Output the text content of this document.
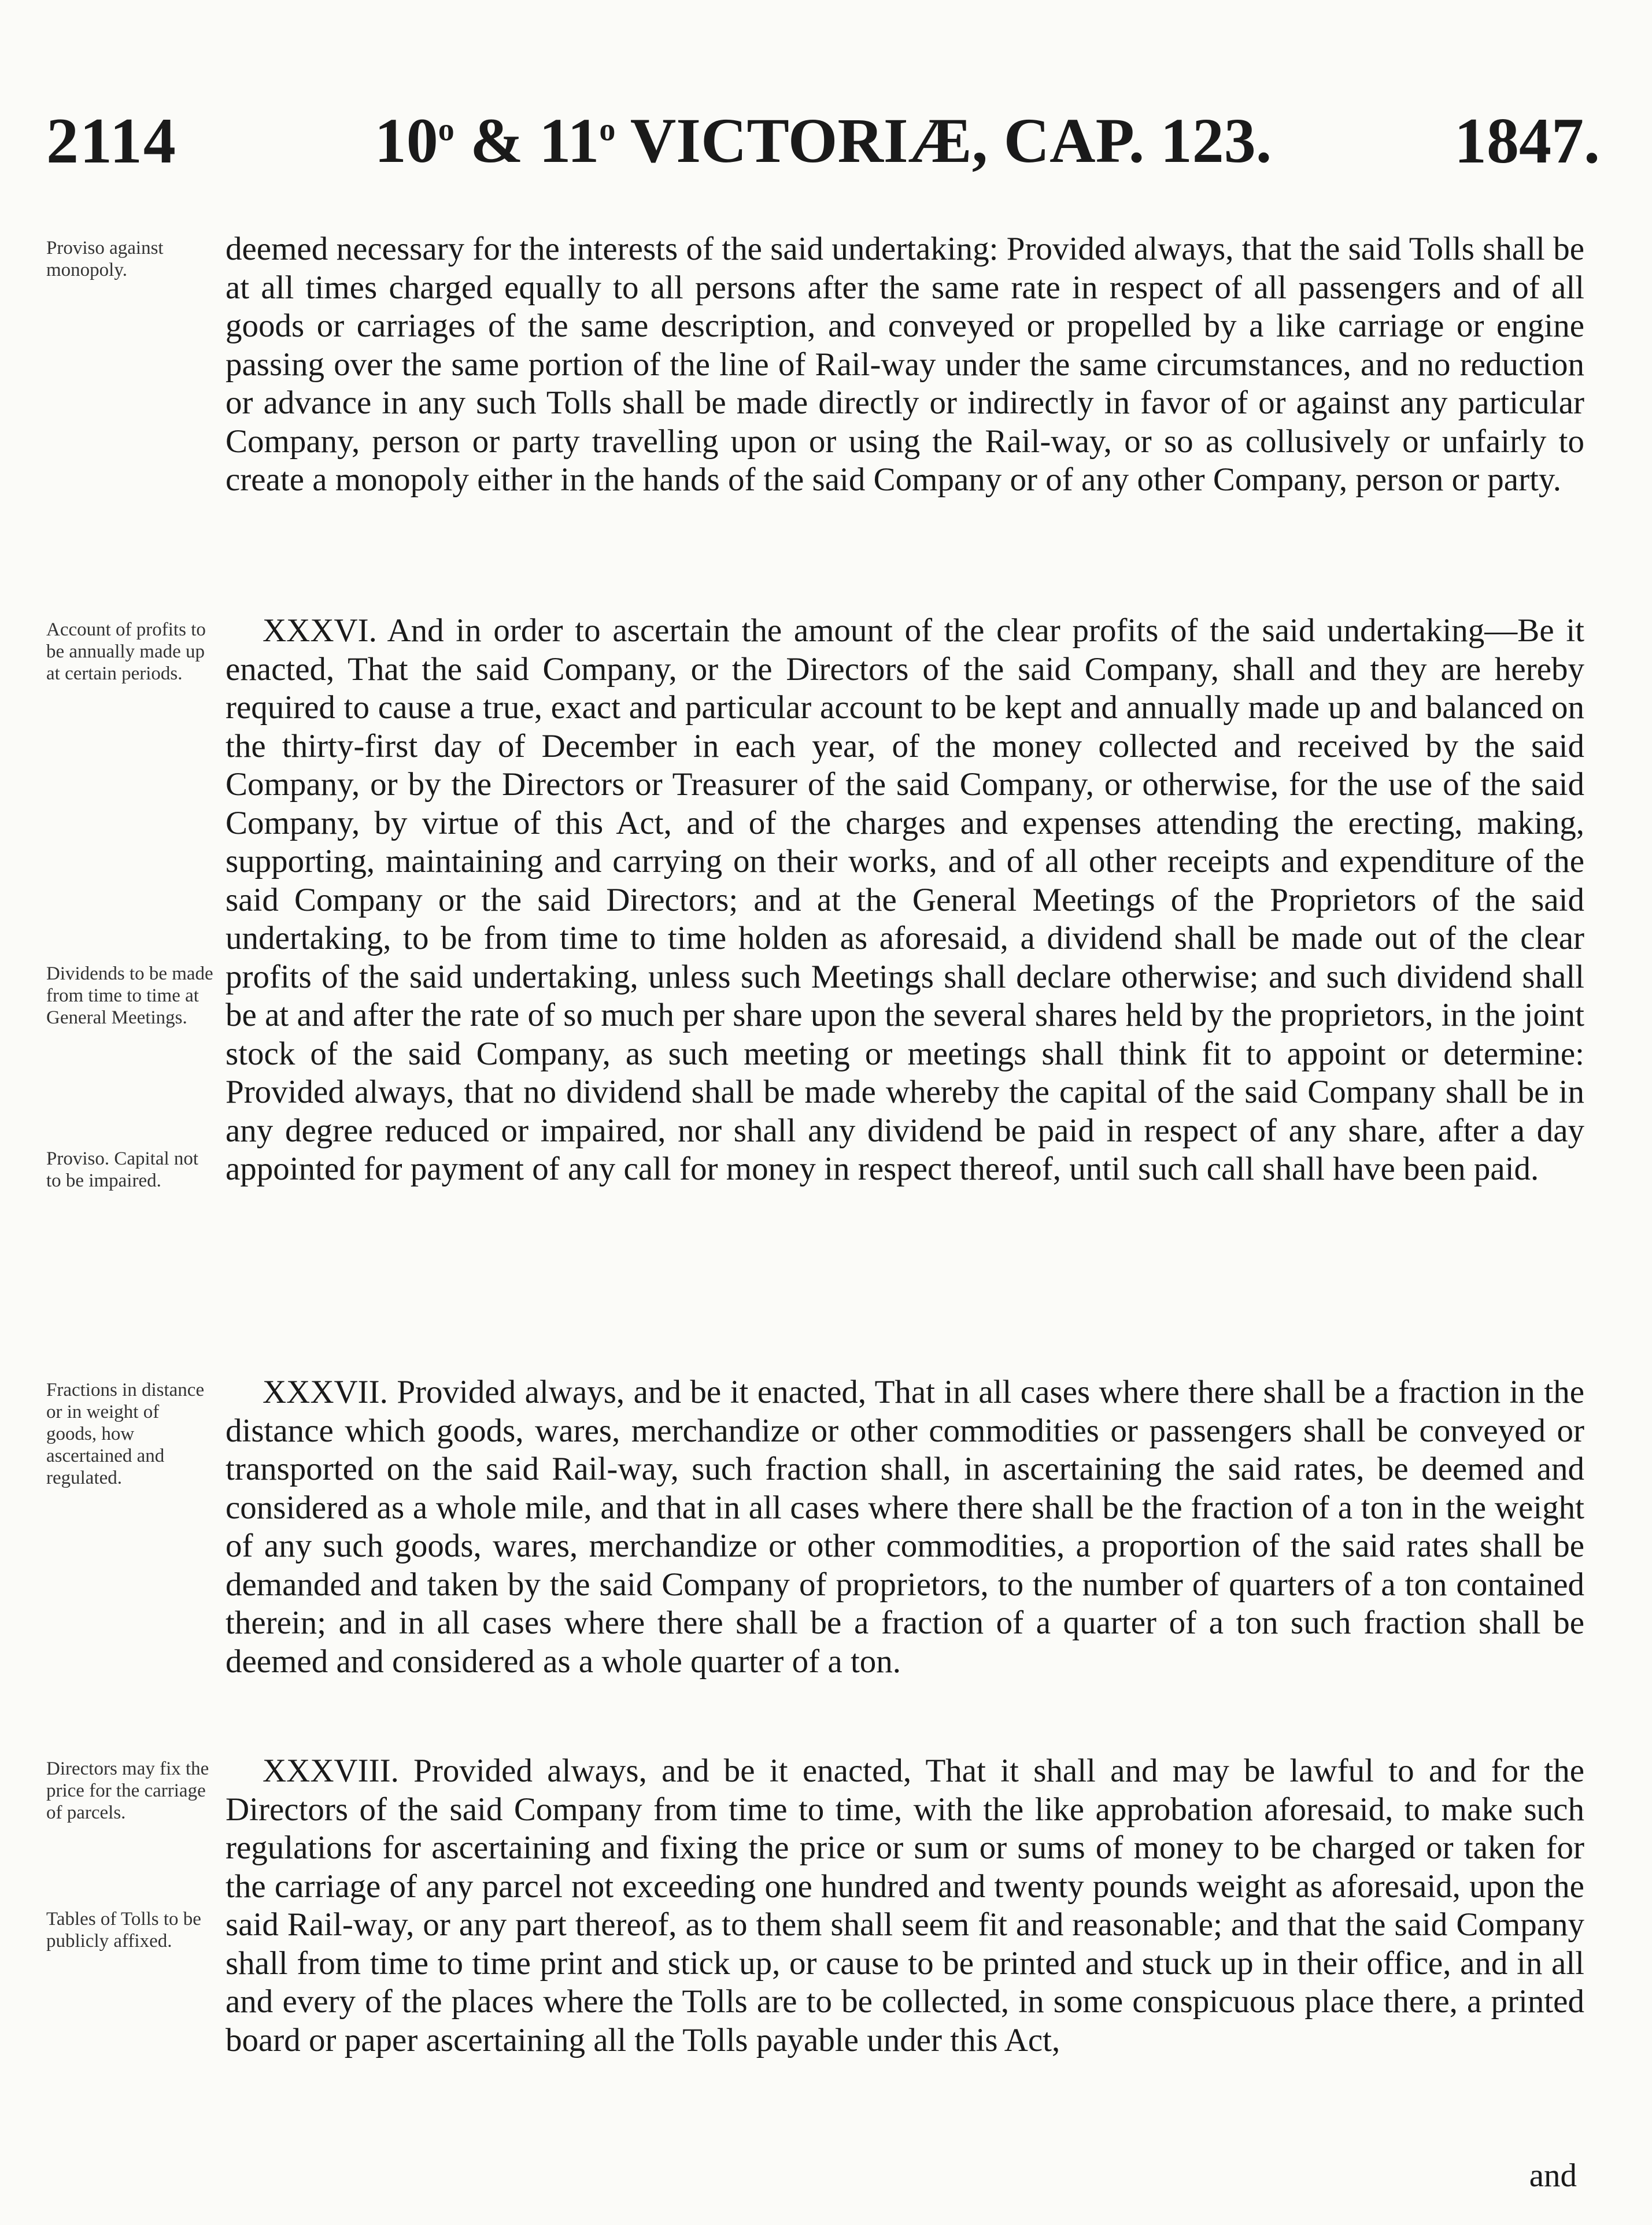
2114	10$^o$ & 11$^o$ VICTORIÆ, CAP. 123.	1847.
Proviso against monopoly.
Account of profits to be annually made up at certain periods.
Dividends to be made from time to time at General Meetings.
Proviso. Capital not to be impaired.
Fractions in distance or in weight of goods, how ascertained and regulated.
Directors may fix the price for the carriage of parcels.
Tables of Tolls to be publicly affixed.
deemed necessary for the interests of the said undertaking: Provided always, that the said Tolls shall be at all times charged equally to all persons after the same rate in respect of all passengers and of all goods or carriages of the same description, and conveyed or propelled by a like carriage or engine passing over the same portion of the line of Rail-way under the same circumstances, and no reduction or advance in any such Tolls shall be made directly or indirectly in favor of or against any particular Company, person or party travelling upon or using the Rail-way, or so as collusively or unfairly to create a monopoly either in the hands of the said Company or of any other Company, person or party.
XXXVI. And in order to ascertain the amount of the clear profits of the said undertaking—Be it enacted, That the said Company, or the Directors of the said Company, shall and they are hereby required to cause a true, exact and particular account to be kept and annually made up and balanced on the thirty-first day of December in each year, of the money collected and received by the said Company, or by the Directors or Treasurer of the said Company, or otherwise, for the use of the said Company, by virtue of this Act, and of the charges and expenses attending the erecting, making, supporting, maintaining and carrying on their works, and of all other receipts and expenditure of the said Company or the said Directors; and at the General Meetings of the Proprietors of the said undertaking, to be from time to time holden as aforesaid, a dividend shall be made out of the clear profits of the said undertaking, unless such Meetings shall declare otherwise; and such dividend shall be at and after the rate of so much per share upon the several shares held by the proprietors, in the joint stock of the said Company, as such meeting or meetings shall think fit to appoint or determine: Provided always, that no dividend shall be made whereby the capital of the said Company shall be in any degree reduced or impaired, nor shall any dividend be paid in respect of any share, after a day appointed for payment of any call for money in respect thereof, until such call shall have been paid.
XXXVII. Provided always, and be it enacted, That in all cases where there shall be a fraction in the distance which goods, wares, merchandize or other commodities or passengers shall be conveyed or transported on the said Rail-way, such fraction shall, in ascertaining the said rates, be deemed and considered as a whole mile, and that in all cases where there shall be the fraction of a ton in the weight of any such goods, wares, merchandize or other commodities, a proportion of the said rates shall be demanded and taken by the said Company of proprietors, to the number of quarters of a ton contained therein; and in all cases where there shall be a fraction of a quarter of a ton such fraction shall be deemed and considered as a whole quarter of a ton.
XXXVIII. Provided always, and be it enacted, That it shall and may be lawful to and for the Directors of the said Company from time to time, with the like approbation aforesaid, to make such regulations for ascertaining and fixing the price or sum or sums of money to be charged or taken for the carriage of any parcel not exceeding one hundred and twenty pounds weight as aforesaid, upon the said Rail-way, or any part thereof, as to them shall seem fit and reasonable; and that the said Company shall from time to time print and stick up, or cause to be printed and stuck up in their office, and in all and every of the places where the Tolls are to be collected, in some conspicuous place there, a printed board or paper ascertaining all the Tolls payable under this Act,
and
